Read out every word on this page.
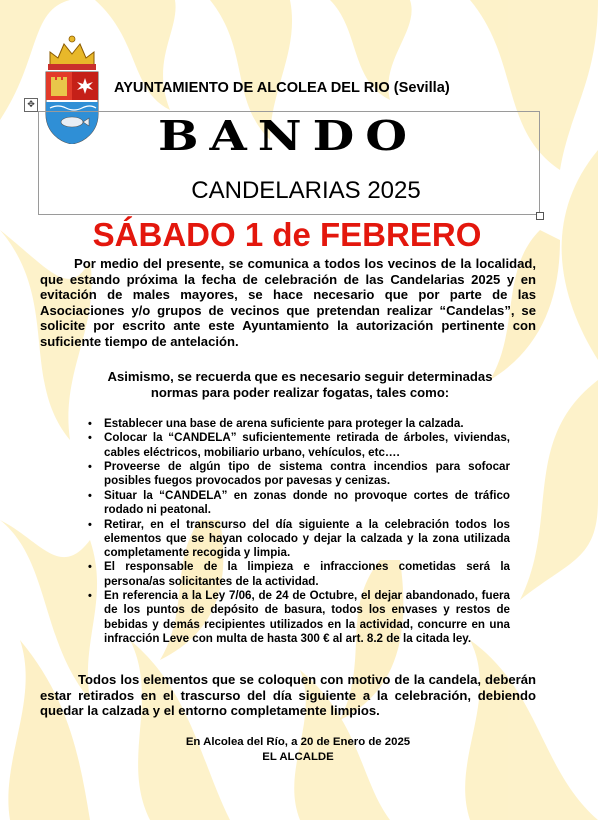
AYUNTAMIENTO DE ALCOLEA DEL RIO (Sevilla)
✥
BANDO
CANDELARIAS 2025
SÁBADO 1 de FEBRERO
Por medio del presente, se comunica a todos los vecinos de la localidad, que estando próxima la fecha de celebración de las Candelarias 2025 y en evitación de males mayores, se hace necesario que por parte de las Asociaciones y/o grupos de vecinos que pretendan realizar “Candelas”, se solicite por escrito ante este Ayuntamiento la autorización pertinente con suficiente tiempo de antelación.
Asimismo, se recuerda que es necesario seguir determinadas
normas para poder realizar fogatas, tales como:
• Establecer una base de arena suficiente para proteger la calzada.
• Colocar la “CANDELA” suficientemente retirada de árboles, viviendas, cables eléctricos, mobiliario urbano, vehículos, etc….
• Proveerse de algún tipo de sistema contra incendios para sofocar posibles fuegos provocados por pavesas y cenizas.
• Situar la “CANDELA” en zonas donde no provoque cortes de tráfico rodado ni peatonal.
• Retirar, en el transcurso del día siguiente a la celebración todos los elementos que se hayan colocado y dejar la calzada y la zona utilizada completamente recogida y limpia.
• El responsable de la limpieza e infracciones cometidas será la persona/as solicitantes de la actividad.
• En referencia a la Ley 7/06, de 24 de Octubre, el dejar abandonado, fuera de los puntos de depósito de basura, todos los envases y restos de bebidas y demás recipientes utilizados en la actividad, concurre en una infracción Leve con multa de hasta 300 € al art. 8.2 de la citada ley.
Todos los elementos que se coloquen con motivo de la candela, deberán estar retirados en el trascurso del día siguiente a la celebración, debiendo quedar la calzada y el entorno completamente limpios.
En Alcolea del Río, a 20 de Enero de 2025
EL ALCALDE
